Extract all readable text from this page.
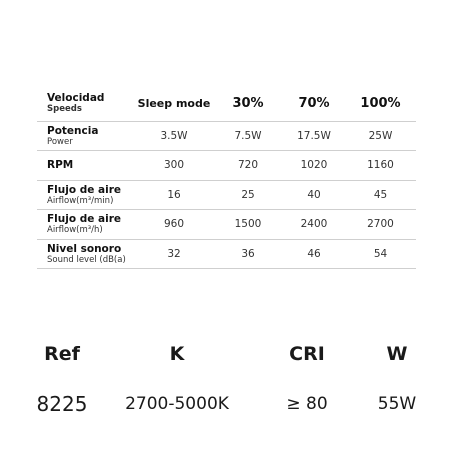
Velocidad
Speeds	Sleep mode	30%	70%	100%

Potencia
Power	3.5W	7.5W	17.5W	25W

RPM	300	720	1020	1160

Flujo de aire
Airflow(m³/min)	16	25	40	45

Flujo de aire
Airflow(m³/h)	960	1500	2400	2700

Nivel sonoro
Sound level (dB(a)	32	36	46	54
Ref	K	CRI	W
8225	2700-5000K	≥ 80	55W
